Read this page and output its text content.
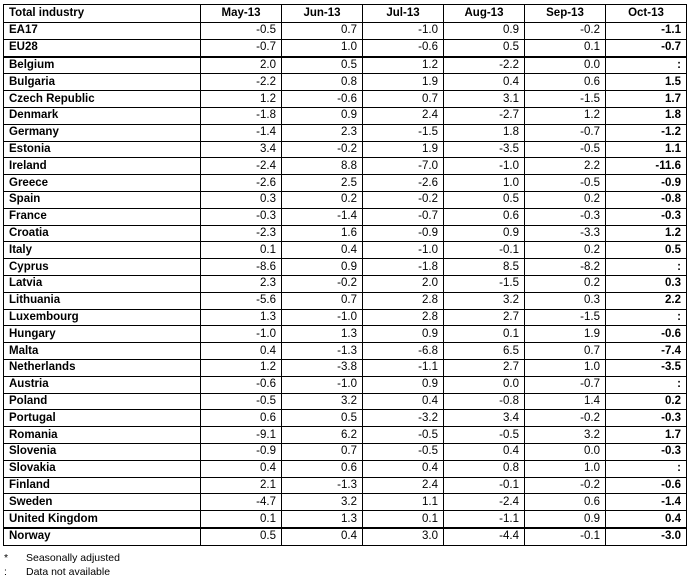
Total industry	May-13	Jun-13	Jul-13	Aug-13	Sep-13	Oct-13
EA17	-0.5	0.7	-1.0	0.9	-0.2	-1.1
EU28	-0.7	1.0	-0.6	0.5	0.1	-0.7
Belgium	2.0	0.5	1.2	-2.2	0.0	:
Bulgaria	-2.2	0.8	1.9	0.4	0.6	1.5
Czech Republic	1.2	-0.6	0.7	3.1	-1.5	1.7
Denmark	-1.8	0.9	2.4	-2.7	1.2	1.8
Germany	-1.4	2.3	-1.5	1.8	-0.7	-1.2
Estonia	3.4	-0.2	1.9	-3.5	-0.5	1.1
Ireland	-2.4	8.8	-7.0	-1.0	2.2	-11.6
Greece	-2.6	2.5	-2.6	1.0	-0.5	-0.9
Spain	0.3	0.2	-0.2	0.5	0.2	-0.8
France	-0.3	-1.4	-0.7	0.6	-0.3	-0.3
Croatia	-2.3	1.6	-0.9	0.9	-3.3	1.2
Italy	0.1	0.4	-1.0	-0.1	0.2	0.5
Cyprus	-8.6	0.9	-1.8	8.5	-8.2	:
Latvia	2.3	-0.2	2.0	-1.5	0.2	0.3
Lithuania	-5.6	0.7	2.8	3.2	0.3	2.2
Luxembourg	1.3	-1.0	2.8	2.7	-1.5	:
Hungary	-1.0	1.3	0.9	0.1	1.9	-0.6
Malta	0.4	-1.3	-6.8	6.5	0.7	-7.4
Netherlands	1.2	-3.8	-1.1	2.7	1.0	-3.5
Austria	-0.6	-1.0	0.9	0.0	-0.7	:
Poland	-0.5	3.2	0.4	-0.8	1.4	0.2
Portugal	0.6	0.5	-3.2	3.4	-0.2	-0.3
Romania	-9.1	6.2	-0.5	-0.5	3.2	1.7
Slovenia	-0.9	0.7	-0.5	0.4	0.0	-0.3
Slovakia	0.4	0.6	0.4	0.8	1.0	:
Finland	2.1	-1.3	2.4	-0.1	-0.2	-0.6
Sweden	-4.7	3.2	1.1	-2.4	0.6	-1.4
United Kingdom	0.1	1.3	0.1	-1.1	0.9	0.4
Norway	0.5	0.4	3.0	-4.4	-0.1	-3.0
*	Seasonally adjusted
:	Data not available
